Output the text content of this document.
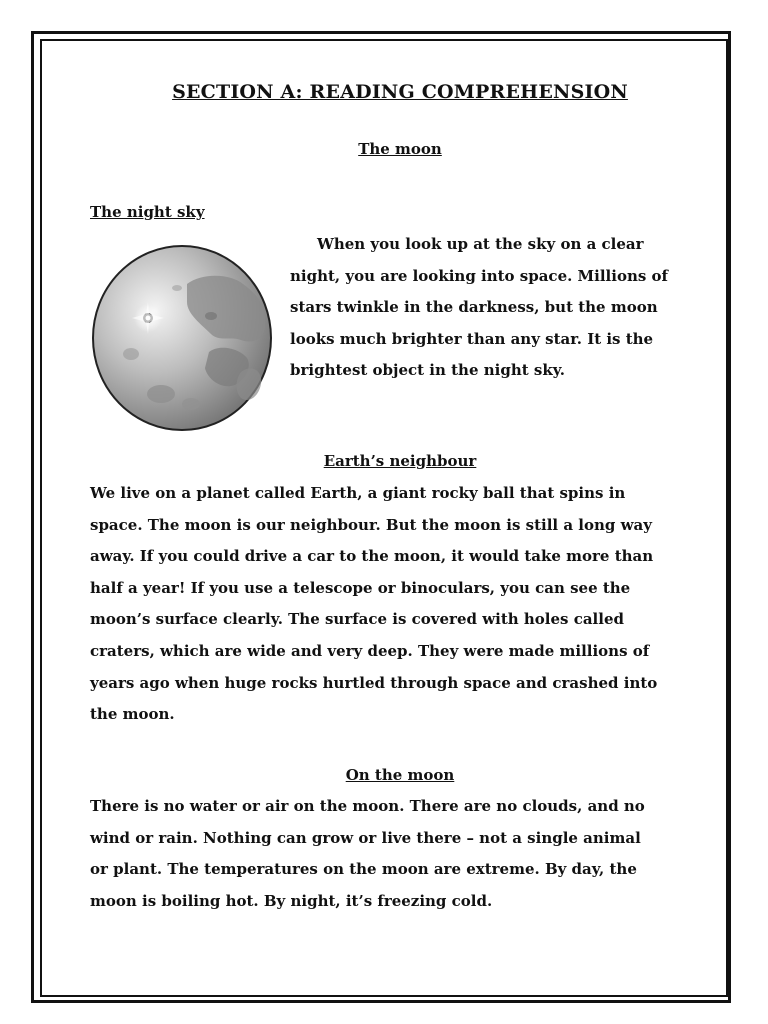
SECTION A: READING COMPREHENSION
The moon
The night sky
When you look up at the sky on a clear
night, you are looking into space. Millions of
stars twinkle in the darkness, but the moon
looks much brighter than any star. It is the
brightest object in the night sky.
Earth’s neighbour
We live on a planet called Earth, a giant rocky ball that spins in
space. The moon is our neighbour. But the moon is still a long way
away. If you could drive a car to the moon, it would take more than
half a year! If you use a telescope or binoculars, you can see the
moon’s surface clearly. The surface is covered with holes called
craters, which are wide and very deep. They were made millions of
years ago when huge rocks hurtled through space and crashed into
the moon.
On the moon
There is no water or air on the moon. There are no clouds, and no
wind or rain. Nothing can grow or live there – not a single animal
or plant. The temperatures on the moon are extreme. By day, the
moon is boiling hot. By night, it’s freezing cold.
